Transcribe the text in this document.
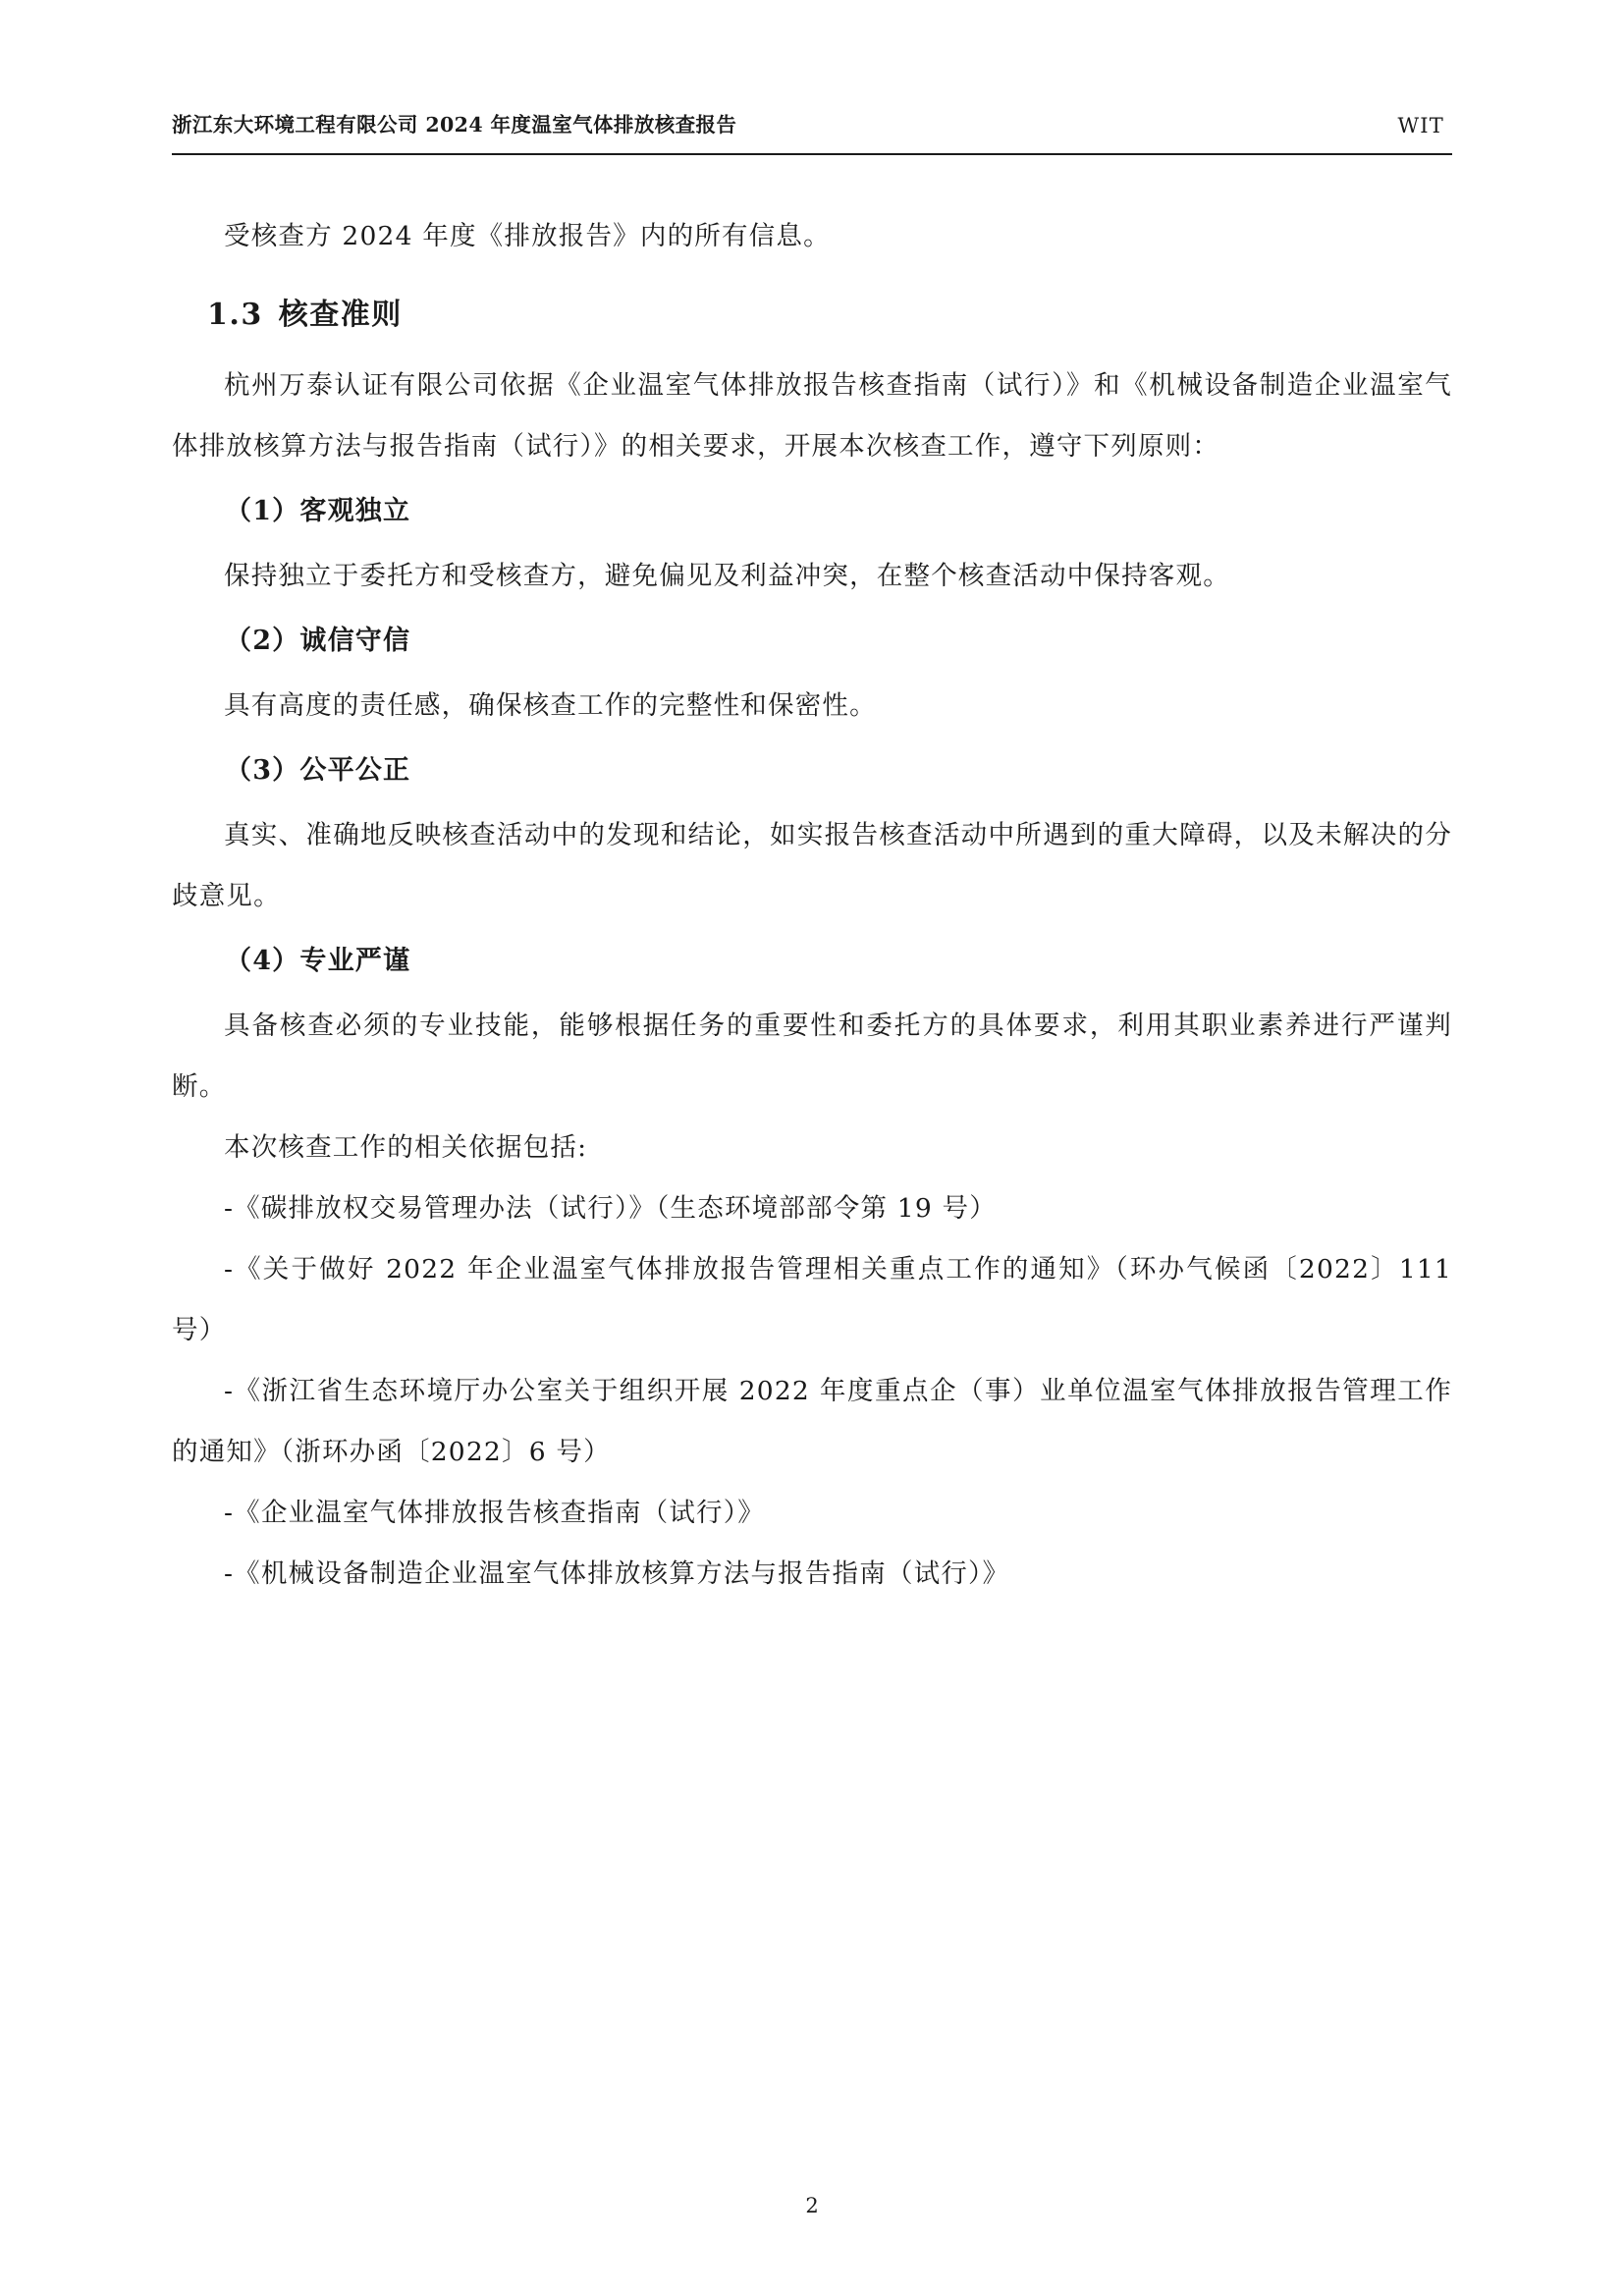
浙江东大环境工程有限公司 2024 年度温室气体排放核查报告	WIT

受核查方 2024 年度《排放报告》内的所有信息。

1.3 核查准则

杭州万泰认证有限公司依据《企业温室气体排放报告核查指南（试行）》和《机械设备制造企业温室气体排放核算方法与报告指南（试行）》的相关要求，开展本次核查工作，遵守下列原则：

（1）客观独立

保持独立于委托方和受核查方，避免偏见及利益冲突，在整个核查活动中保持客观。

（2）诚信守信

具有高度的责任感，确保核查工作的完整性和保密性。

（3）公平公正

真实、准确地反映核查活动中的发现和结论，如实报告核查活动中所遇到的重大障碍，以及未解决的分歧意见。

（4）专业严谨

具备核查必须的专业技能，能够根据任务的重要性和委托方的具体要求，利用其职业素养进行严谨判断。

本次核查工作的相关依据包括:

-《碳排放权交易管理办法（试行）》（生态环境部部令第 19 号）

-《关于做好 2022 年企业温室气体排放报告管理相关重点工作的通知》（环办气候函〔2022〕111 号）

-《浙江省生态环境厅办公室关于组织开展 2022 年度重点企（事）业单位温室气体排放报告管理工作的通知》（浙环办函〔2022〕6 号）

-《企业温室气体排放报告核查指南（试行）》

-《机械设备制造企业温室气体排放核算方法与报告指南（试行）》

2
